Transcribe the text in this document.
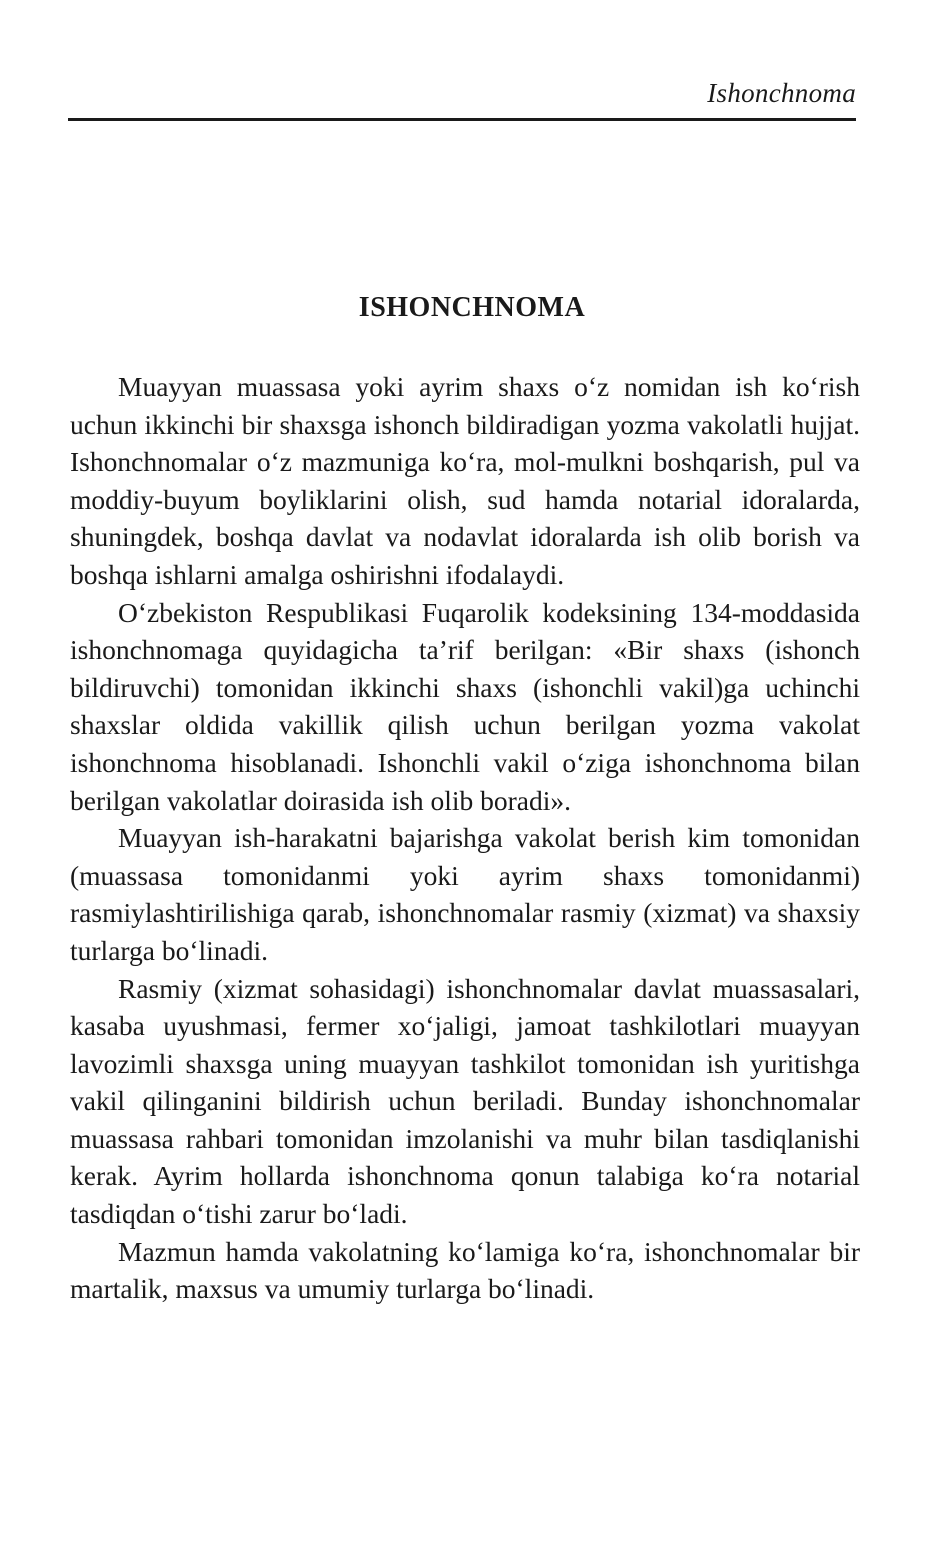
Ishonchnoma
ISHONCHNOMA

Muayyan muassasa yoki ayrim shaxs o‘z nomidan ish ko‘rish uchun ikkinchi bir shaxsga ishonch bildiradigan yozma vakolatli hujjat. Ishonchnomalar o‘z mazmuniga ko‘ra, mol-mulkni boshqarish, pul va moddiy-buyum boyliklarini olish, sud hamda notarial idoralarda, shuningdek, boshqa davlat va nodavlat idoralarda ish olib borish va boshqa ishlarni amalga oshirishni ifodalaydi.

O‘zbekiston Respublikasi Fuqarolik kodeksining 134-moddasida ishonchnomaga quyidagicha ta’rif berilgan: «Bir shaxs (ishonch bildiruvchi) tomonidan ikkinchi shaxs (ishonchli vakil)ga uchinchi shaxslar oldida vakillik qilish uchun berilgan yozma vakolat ishonchnoma hisoblanadi. Ishonchli vakil o‘ziga ishonchnoma bilan berilgan vakolatlar doirasida ish olib boradi».

Muayyan ish-harakatni bajarishga vakolat berish kim tomonidan (muassasa tomonidanmi yoki ayrim shaxs tomonidanmi) rasmiylashtirilishiga qarab, ishonchnomalar rasmiy (xizmat) va shaxsiy turlarga bo‘linadi.

Rasmiy (xizmat sohasidagi) ishonchnomalar davlat muassasalari, kasaba uyushmasi, fermer xo‘jaligi, jamoat tashkilotlari muayyan lavozimli shaxsga uning muayyan tashkilot tomonidan ish yuritishga vakil qilinganini bildirish uchun beriladi. Bunday ishonchnomalar muassasa rahbari tomonidan imzolanishi va muhr bilan tasdiqlanishi kerak. Ayrim hollarda ishonchnoma qonun talabiga ko‘ra notarial tasdiqdan o‘tishi zarur bo‘ladi.

Mazmun hamda vakolatning ko‘lamiga ko‘ra, ishonchnomalar bir martalik, maxsus va umumiy turlarga bo‘linadi.
